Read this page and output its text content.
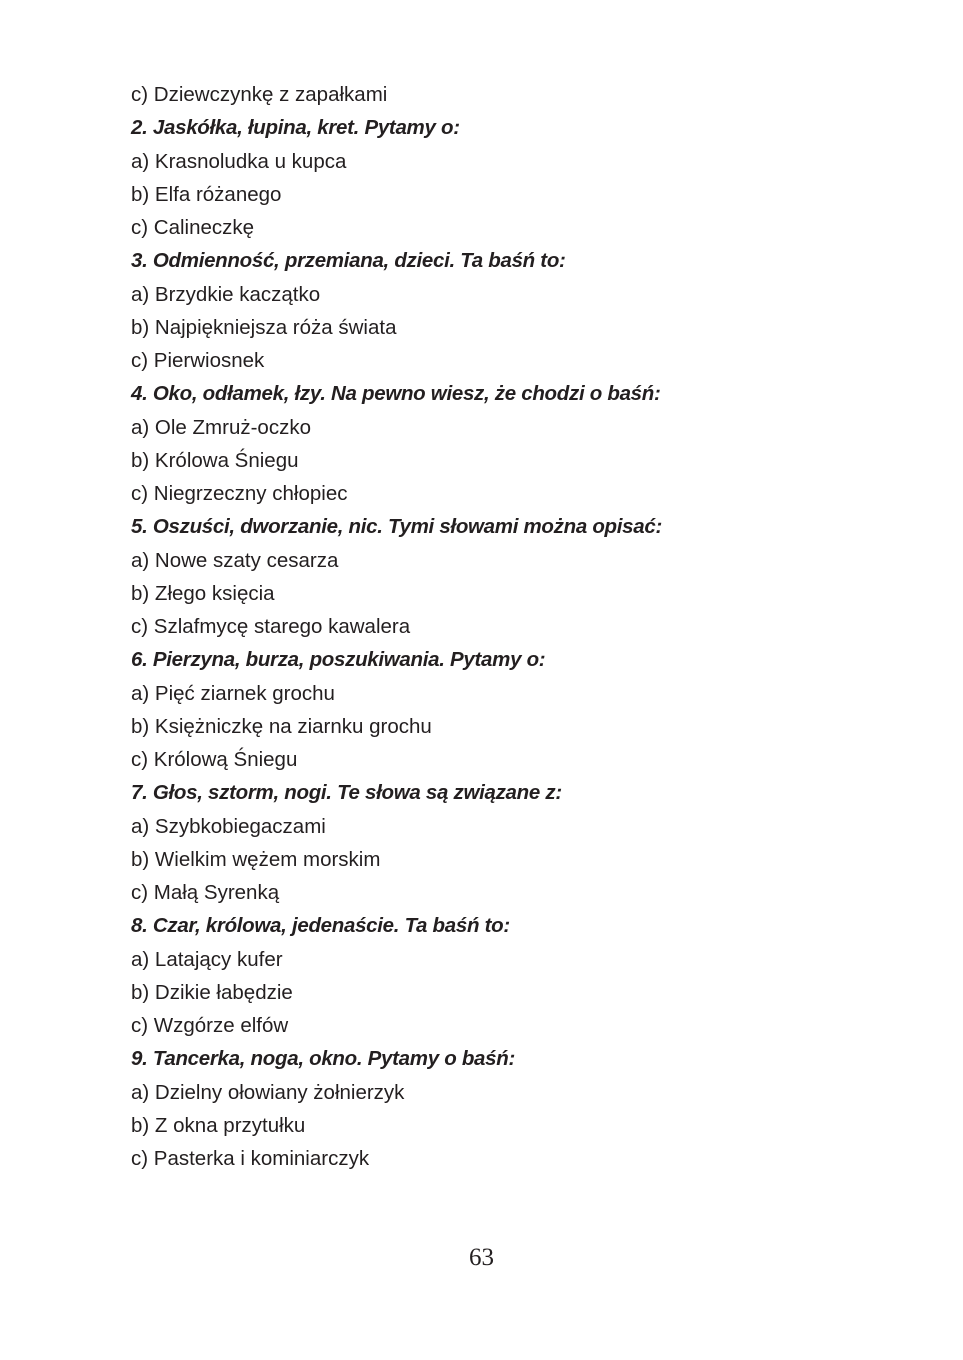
c) Dziewczynkę z zapałkami
2. Jaskółka, łupina, kret. Pytamy o:
a) Krasnoludka u kupca
b) Elfa różanego
c) Calineczkę
3. Odmienność, przemiana, dzieci. Ta baśń to:
a) Brzydkie kaczątko
b) Najpiękniejsza róża świata
c) Pierwiosnek
4. Oko, odłamek, łzy. Na pewno wiesz, że chodzi o baśń:
a) Ole Zmruż-oczko
b) Królowa Śniegu
c) Niegrzeczny chłopiec
5. Oszuści, dworzanie, nic. Tymi słowami można opisać:
a) Nowe szaty cesarza
b) Złego księcia
c) Szlafmycę starego kawalera
6. Pierzyna, burza, poszukiwania. Pytamy o:
a) Pięć ziarnek grochu
b) Księżniczkę na ziarnku grochu
c) Królową Śniegu
7. Głos, sztorm, nogi. Te słowa są związane z:
a) Szybkobiegaczami
b) Wielkim wężem morskim
c) Małą Syrenką
8. Czar, królowa, jedenaście. Ta baśń to:
a) Latający kufer
b) Dzikie łabędzie
c) Wzgórze elfów
9. Tancerka, noga, okno. Pytamy o baśń:
a) Dzielny ołowiany żołnierzyk
b) Z okna przytułku
c) Pasterka i kominiarczyk
63
